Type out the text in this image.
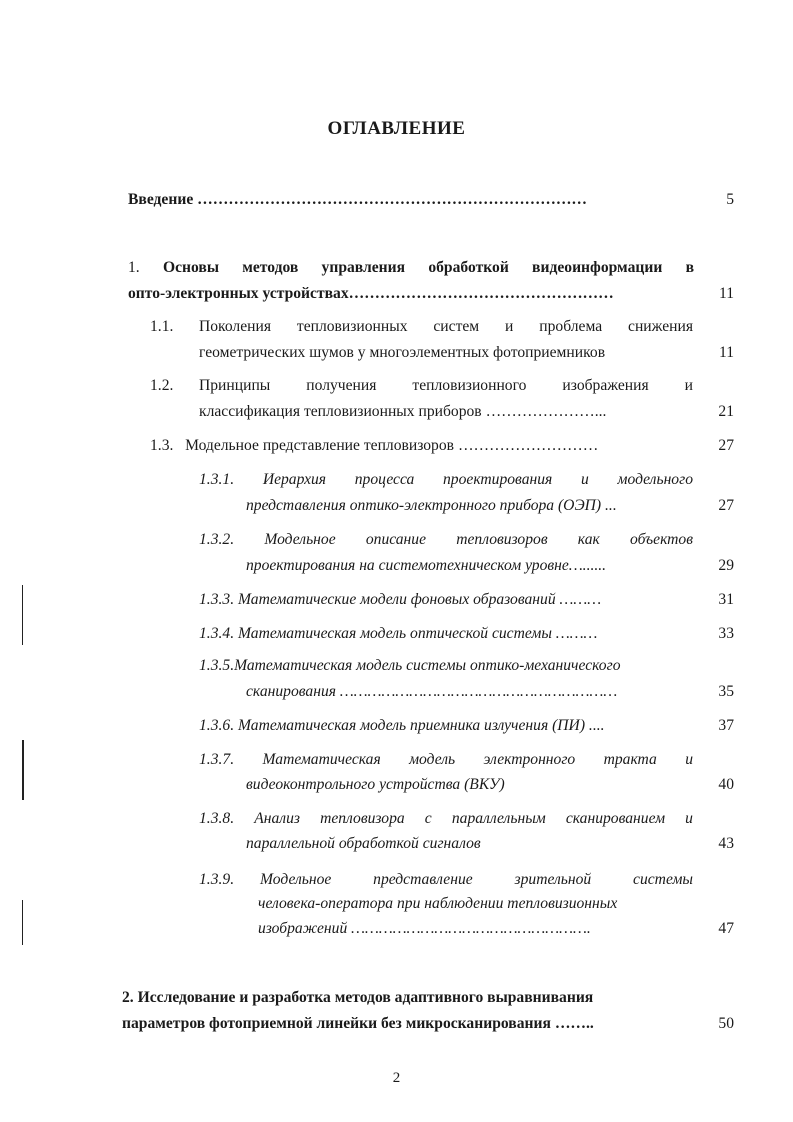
ОГЛАВЛЕНИЕ
Введение …………………………………………………………………	5
1. Основы методов управления обработкой видеоинформации в
опто-электронных устройствах……………………………………………	11
1.1. Поколения тепловизионных систем и проблема снижения
геометрических шумов у многоэлементных фотоприемников	11
1.2. Принципы получения тепловизионного изображения и
классификация тепловизионных приборов …………………...	21
1.3. Модельное представление тепловизоров ………………………	27
1.3.1. Иерархия процесса проектирования и модельного
представления оптико-электронного прибора (ОЭП) ...	27
1.3.2. Модельное описание тепловизоров как объектов
проектирования на системотехническом уровне…......	29
1.3.3. Математические модели фоновых образований ………	31
1.3.4. Математическая модель оптической системы ………	33
1.3.5.Математическая модель системы оптико-механического
сканирования ……………………………………………………	35
1.3.6. Математическая модель приемника излучения (ПИ) ....	37
1.3.7. Математическая модель электронного тракта и
видеоконтрольного устройства (ВКУ)	40
1.3.8. Анализ тепловизора с параллельным сканированием и
параллельной обработкой сигналов	43
1.3.9. Модельное представление зрительной системы
человека-оператора при наблюдении тепловизионных
изображений …………………………………………….	47
2. Исследование и разработка методов адаптивного выравнивания
параметров фотоприемной линейки без микросканирования ……..	50
2
